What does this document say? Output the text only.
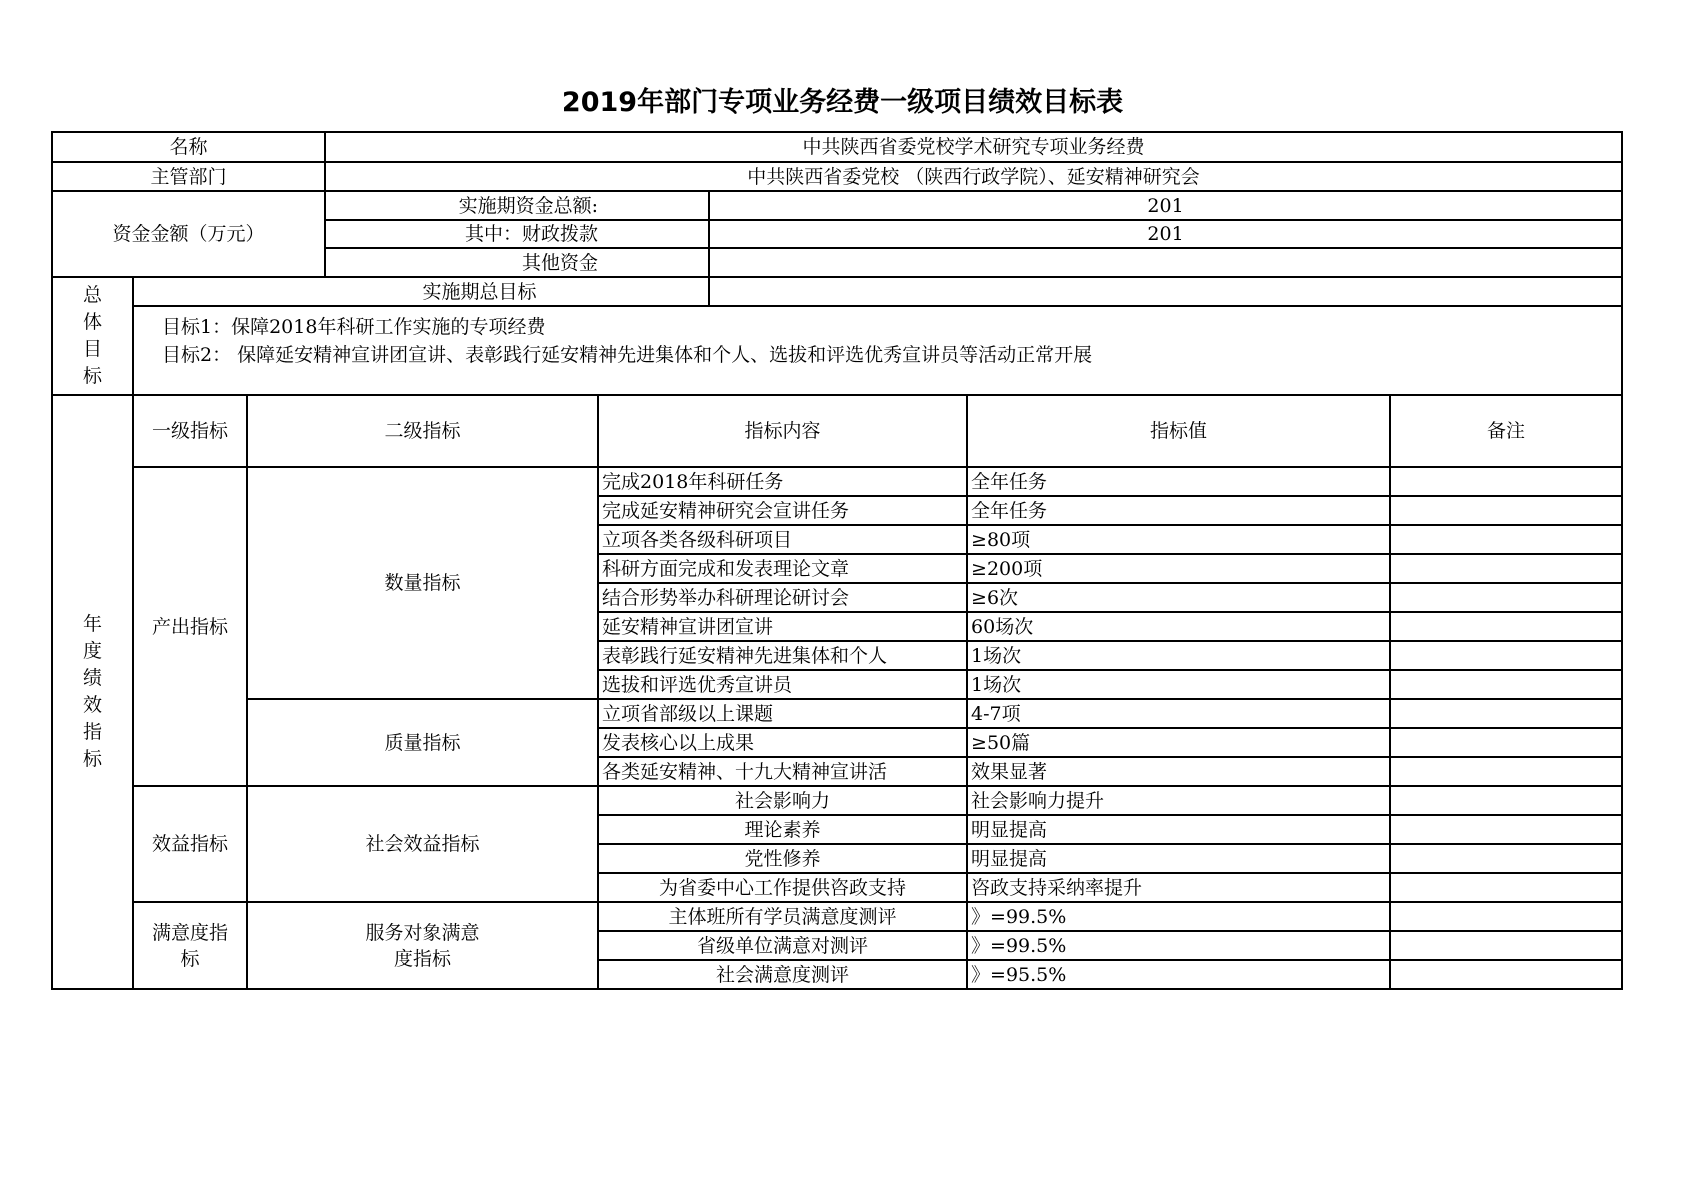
2019年部门专项业务经费一级项目绩效目标表
名称			中共陕西省委党校学术研究专项业务经费				
主管部门			中共陕西省委党校 （陕西行政学院）、延安精神研究会				
资金金额（万元）			实施期资金总额:		201		
			其中：财政拨款		201		
			其他资金				
总体目标	实施期总目标						

	目标1：保障2018年科研工作实施的专项经费
目标2： 保障延安精神宣讲团宣讲、表彰践行延安精神先进集体和个人、选拔和评选优秀宣讲员等活动正常开展						

年度绩效指标	一级指标	二级指标		指标内容		指标值	备注
	产出指标	数量指标		完成2018年科研任务		全年任务	
				完成延安精神研究会宣讲任务		全年任务	
				立项各类各级科研项目		≥80项	
				科研方面完成和发表理论文章		≥200项	
				结合形势举办科研理论研讨会		≥6次	
				延安精神宣讲团宣讲		60场次	
				表彰践行延安精神先进集体和个人		1场次	
				选拔和评选优秀宣讲员		1场次	
		质量指标		立项省部级以上课题		4-7项	
				发表核心以上成果		≥50篇	
				各类延安精神、十九大精神宣讲活		效果显著	
	效益指标	社会效益指标		社会影响力		社会影响力提升	
				理论素养		明显提高	
				党性修养		明显提高	
				为省委中心工作提供咨政支持		咨政支持采纳率提升	
	满意度指标	服务对象满意度指标		主体班所有学员满意度测评		》=99.5%	
				省级单位满意对测评		》=99.5%	
				社会满意度测评		》=95.5%	
